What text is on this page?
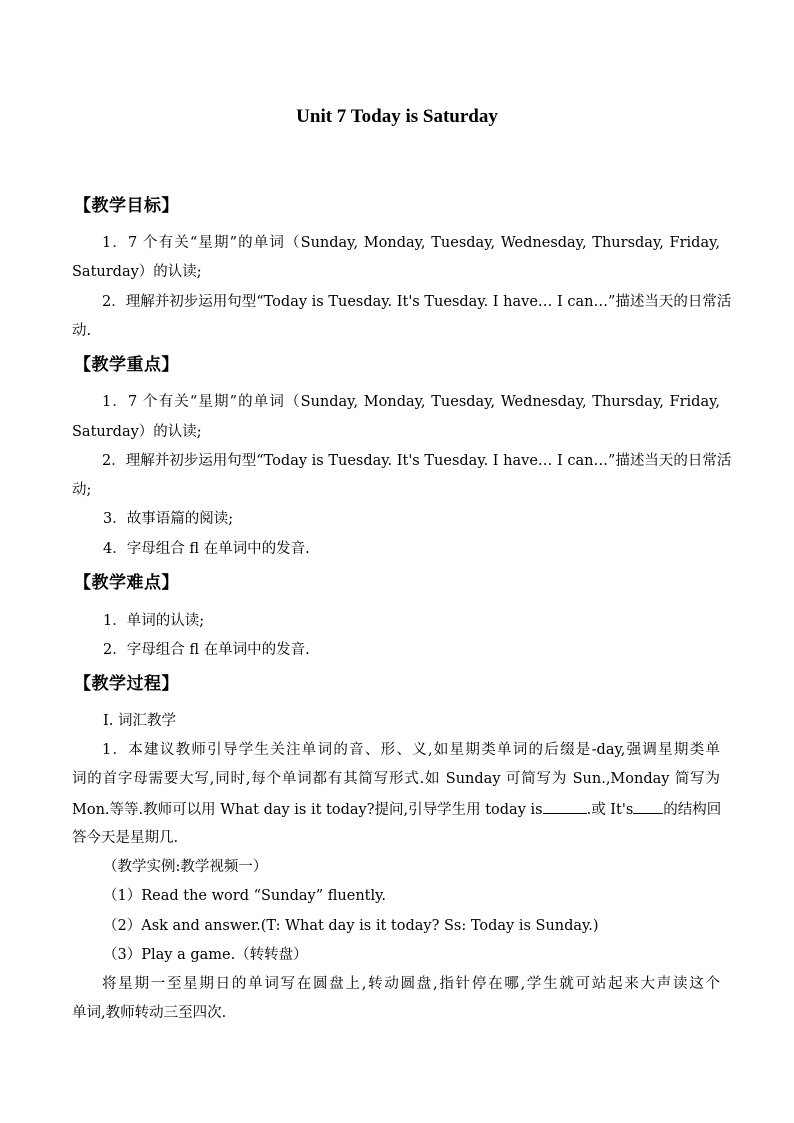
Unit 7 Today is Saturday
【教学目标】
1．7 个有关“星期”的单词（Sunday, Monday, Tuesday, Wednesday, Thursday, Friday,
Saturday）的认读;
2．理解并初步运用句型“Today is Tuesday. It's Tuesday. I have… I can…”描述当天的日常活
动.
【教学重点】
1．7 个有关“星期”的单词（Sunday, Monday, Tuesday, Wednesday, Thursday, Friday,
Saturday）的认读;
2．理解并初步运用句型“Today is Tuesday. It's Tuesday. I have… I can…”描述当天的日常活
动;
3．故事语篇的阅读;
4．字母组合 fl 在单词中的发音.
【教学难点】
1．单词的认读;
2．字母组合 fl 在单词中的发音.
【教学过程】
I. 词汇教学
1．本建议教师引导学生关注单词的音、形、义,如星期类单词的后缀是-day,强调星期类单
词的首字母需要大写,同时,每个单词都有其简写形式.如 Sunday 可简写为 Sun.,Monday 简写为
Mon.等等.教师可以用 What day is it today?提问,引导学生用 today is	.或 It's 的结构回
答今天是星期几.
（教学实例:教学视频一）
（1）Read the word “Sunday” fluently.
（2）Ask and answer.(T: What day is it today? Ss: Today is Sunday.)
（3）Play a game.（转转盘）
将星期一至星期日的单词写在圆盘上,转动圆盘,指针停在哪,学生就可站起来大声读这个
单词,教师转动三至四次.
